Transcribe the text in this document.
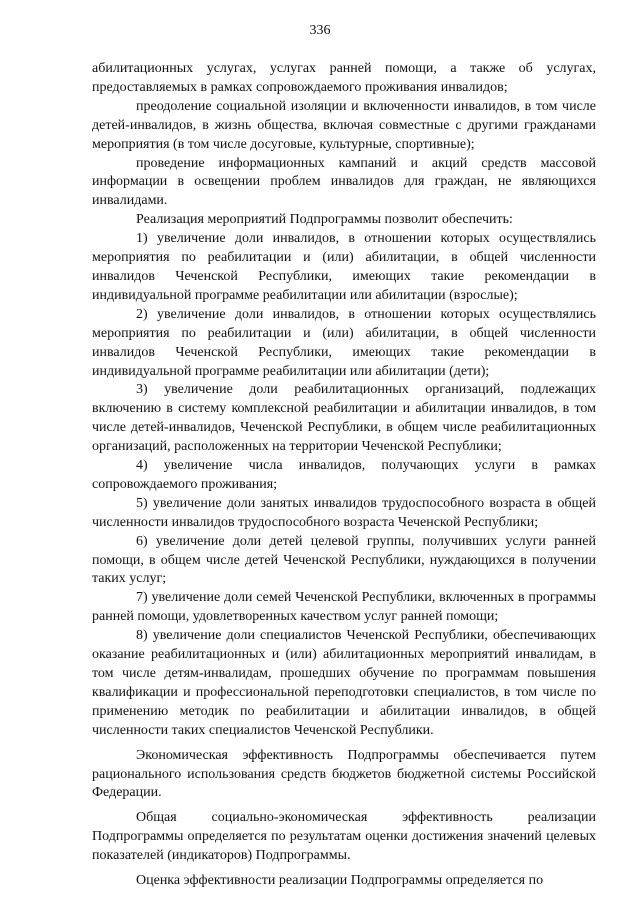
336

абилитационных услугах, услугах ранней помощи, а также об услугах, предоставляемых в рамках сопровождаемого проживания инвалидов;

преодоление социальной изоляции и включенности инвалидов, в том числе детей-инвалидов, в жизнь общества, включая совместные с другими гражданами мероприятия (в том числе досуговые, культурные, спортивные);

проведение информационных кампаний и акций средств массовой информации в освещении проблем инвалидов для граждан, не являющихся инвалидами.

Реализация мероприятий Подпрограммы позволит обеспечить:

1) увеличение доли инвалидов, в отношении которых осуществлялись мероприятия по реабилитации и (или) абилитации, в общей численности инвалидов Чеченской Республики, имеющих такие рекомендации в индивидуальной программе реабилитации или абилитации (взрослые);

2) увеличение доли инвалидов, в отношении которых осуществлялись мероприятия по реабилитации и (или) абилитации, в общей численности инвалидов Чеченской Республики, имеющих такие рекомендации в индивидуальной программе реабилитации или абилитации (дети);

3) увеличение доли реабилитационных организаций, подлежащих включению в систему комплексной реабилитации и абилитации инвалидов, в том числе детей-инвалидов, Чеченской Республики, в общем числе реабилитационных организаций, расположенных на территории Чеченской Республики;

4) увеличение числа инвалидов, получающих услуги в рамках сопровождаемого проживания;

5) увеличение доли занятых инвалидов трудоспособного возраста в общей численности инвалидов трудоспособного возраста Чеченской Республики;

6) увеличение доли детей целевой группы, получивших услуги ранней помощи, в общем числе детей Чеченской Республики, нуждающихся в получении таких услуг;

7) увеличение доли семей Чеченской Республики, включенных в программы ранней помощи, удовлетворенных качеством услуг ранней помощи;

8) увеличение доли специалистов Чеченской Республики, обеспечивающих оказание реабилитационных и (или) абилитационных мероприятий инвалидам, в том числе детям-инвалидам, прошедших обучение по программам повышения квалификации и профессиональной переподготовки специалистов, в том числе по применению методик по реабилитации и абилитации инвалидов, в общей численности таких специалистов Чеченской Республики.

Экономическая эффективность Подпрограммы обеспечивается путем рационального использования средств бюджетов бюджетной системы Российской Федерации.

Общая социально-экономическая эффективность реализации Подпрограммы определяется по результатам оценки достижения значений целевых показателей (индикаторов) Подпрограммы.

Оценка эффективности реализации Подпрограммы определяется по
